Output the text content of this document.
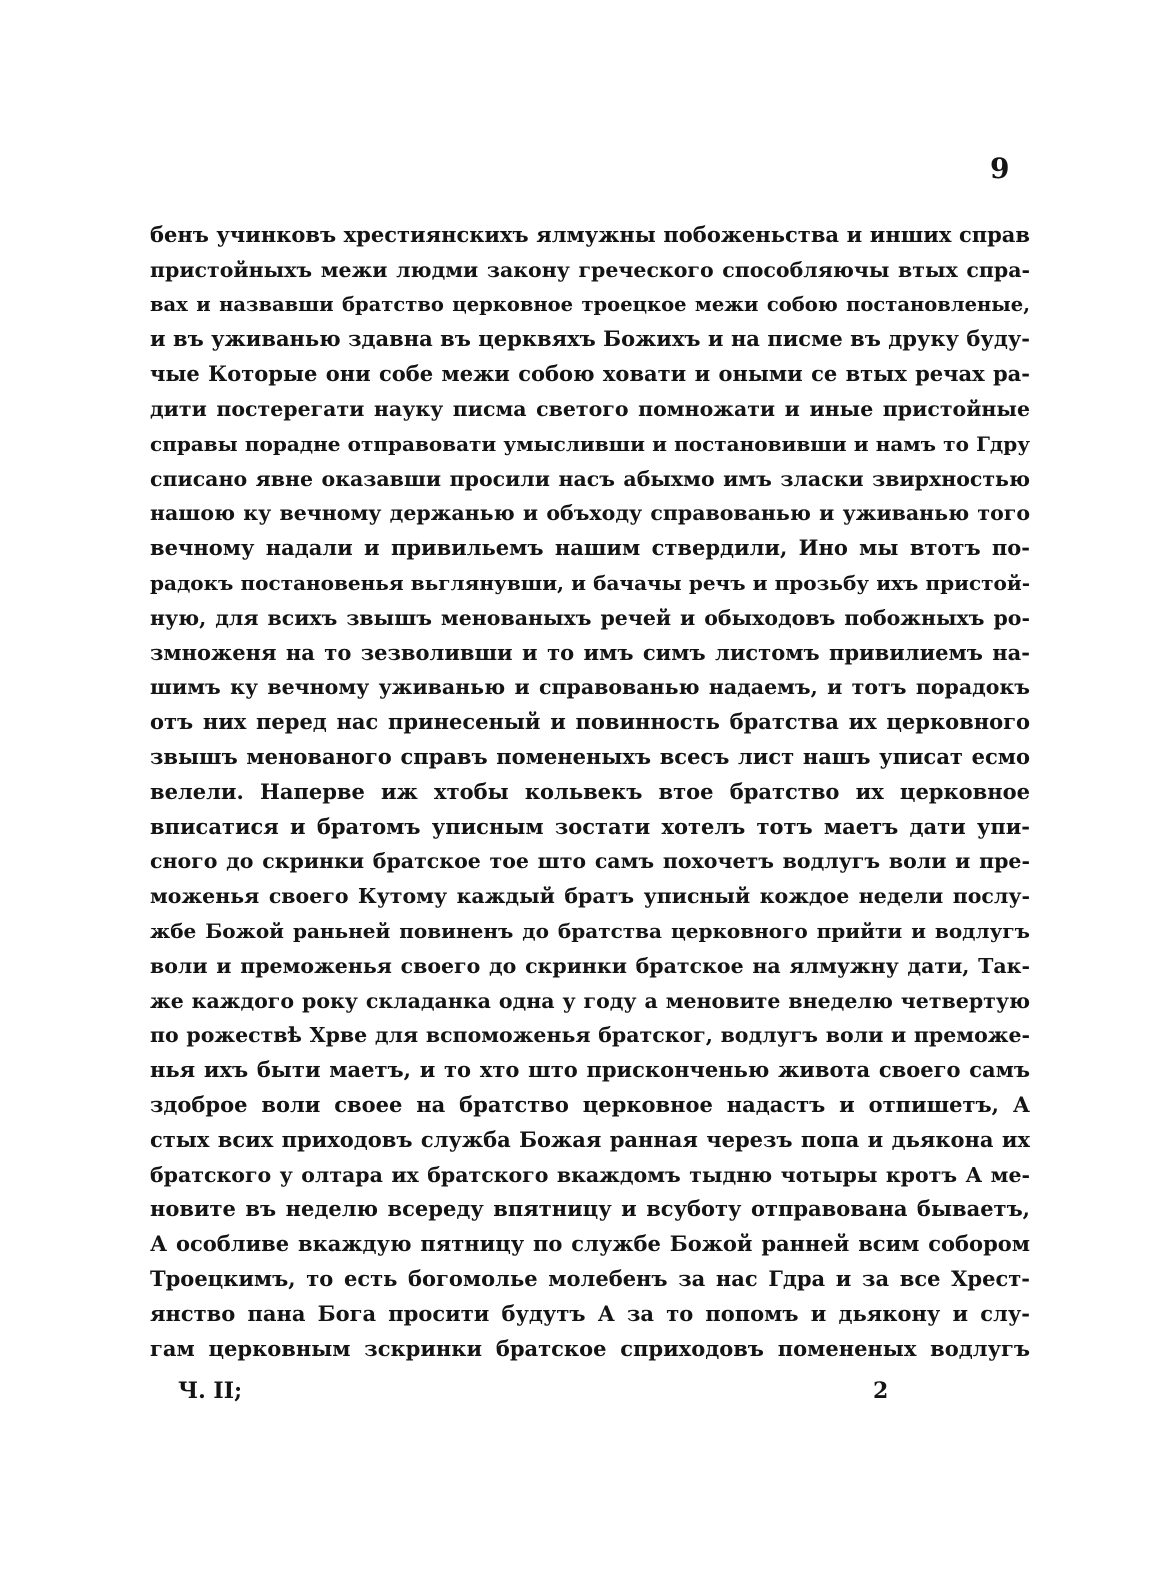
9
бенъ учинковъ хрестиянскихъ ялмужны побоженьства и инших справ
пристойныхъ межи людми закону греческого способляючы втых спра-
вах и назвавши братство церковное троецкое межи собою постановленые,
и въ уживанью здавна въ церквяхъ Божихъ и на писме въ друку буду-
чые Которые они собе межи собою ховати и оными се втых речах ра-
дити постерегати науку писма светого помножати и иные пристойные
справы порадне отправовати умысливши и постановивши и намъ то Гдру
списано явне оказавши просили насъ абыхмо имъ зласки звирхностью
нашою ку вечному держанью и объходу справованью и уживанью того
вечному надали и привильемъ нашим ствердили, Ино мы втотъ по-
радокъ постановенья вьглянувши, и бачачы речъ и прозьбу ихъ пристой-
ную, для всихъ звышъ менованыхъ речей и обыходовъ побожныхъ ро-
змноженя на то зезволивши и то имъ симъ листомъ привилиемъ на-
шимъ ку вечному уживанью и справованью надаемъ, и тотъ порадокъ
отъ них перед нас принесеный и повинность братства их церковного
звышъ менованого справъ помененыхъ всесъ лист нашъ уписат есмо
велели. Наперве иж хтобы кольвекъ втое братство их церковное
вписатися и братомъ уписным зостати хотелъ тотъ маетъ дати упи-
сного до скринки братское тое што самъ похочетъ водлугъ воли и пре-
моженья своего Кутому каждый братъ уписный кождое недели послу-
жбе Божой раньней повиненъ до братства церковного прийти и водлугъ
воли и преможенья своего до скринки братское на ялмужну дати, Так-
же каждого року складанка одна у году а меновите внеделю четвертую
по рожествѣ Хрве для вспоможенья братског, водлугъ воли и преможе-
нья ихъ быти маетъ, и то хто што присконченью живота своего самъ
здоброе воли своее на братство церковное надастъ и отпишетъ, А
стых всих приходовъ служба Божая ранная черезъ попа и дьякона их
братского у олтара их братского вкаждомъ тыдню чотыры кротъ А ме-
новите въ неделю всереду впятницу и всуботу отправована бываетъ,
А особливе вкаждую пятницу по службе Божой ранней всим собором
Троецкимъ, то есть богомолье молебенъ за нас Гдра и за все Хрест-
янство пана Бога просити будутъ А за то попомъ и дьякону и слу-
гам церковным зскринки братское сприходовъ помененых водлугъ
Ч. II;	2
